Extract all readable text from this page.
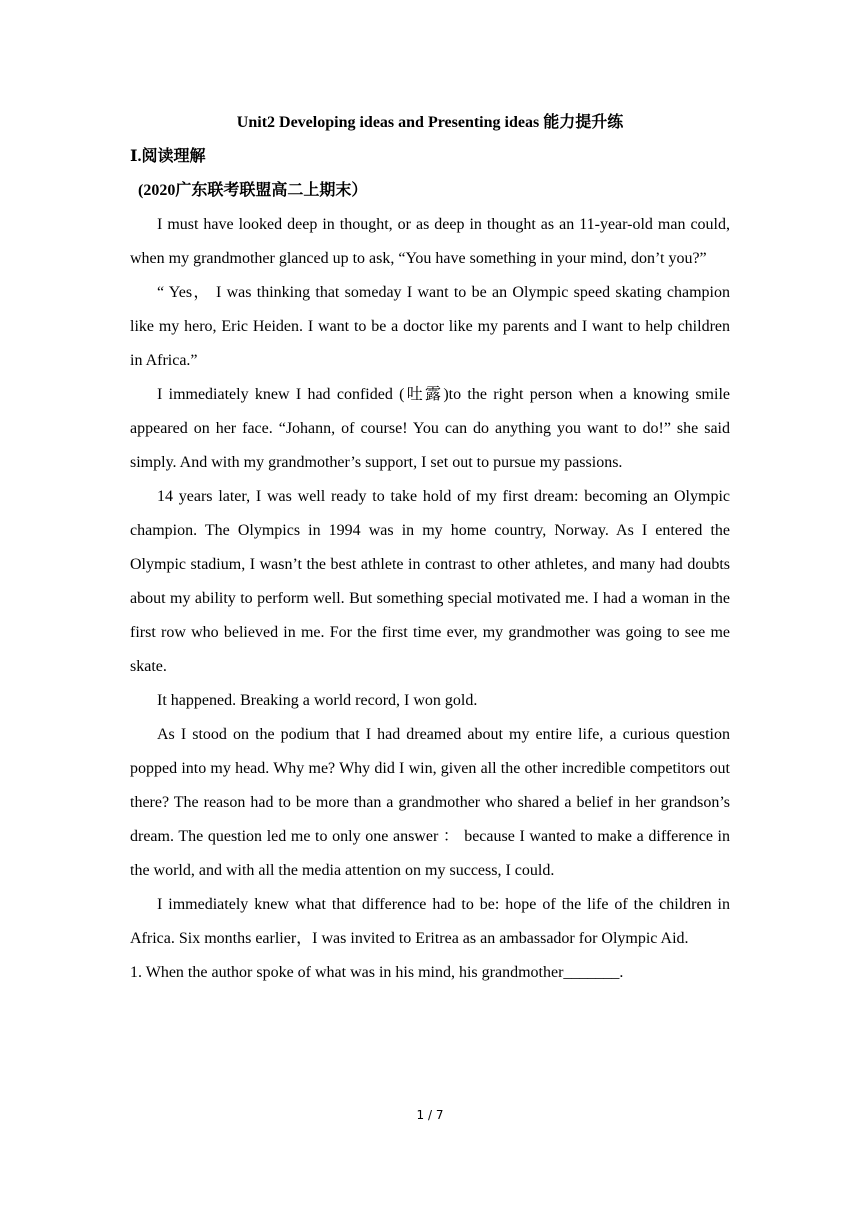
Unit2 Developing ideas and Presenting ideas 能力提升练

Ⅰ.阅读理解

(2020广东联考联盟高二上期末）

I must have looked deep in thought, or as deep in thought as an 11-year-old man could, when my grandmother glanced up to ask, “You have something in your mind, don’t you?”

“ Yes， I was thinking that someday I want to be an Olympic speed skating champion like my hero, Eric Heiden. I want to be a doctor like my parents and I want to help children in Africa.”

I immediately knew I had confided (吐露)to the right person when a knowing smile appeared on her face. “Johann, of course! You can do anything you want to do!” she said simply. And with my grandmother’s support, I set out to pursue my passions.

14 years later, I was well ready to take hold of my first dream: becoming an Olympic champion. The Olympics in 1994 was in my home country, Norway. As I entered the Olympic stadium, I wasn’t the best athlete in contrast to other athletes, and many had doubts about my ability to perform well. But something special motivated me. I had a woman in the first row who believed in me. For the first time ever, my grandmother was going to see me skate.

It happened. Breaking a world record, I won gold.

As I stood on the podium that I had dreamed about my entire life, a curious question popped into my head. Why me? Why did I win, given all the other incredible competitors out there? The reason had to be more than a grandmother who shared a belief in her grandson’s dream. The question led me to only one answer ： because I wanted to make a difference in the world, and with all the media attention on my success, I could.

I immediately knew what that difference had to be: hope of the life of the children in Africa. Six months earlier，I was invited to Eritrea as an ambassador for Olympic Aid.

1. When the author spoke of what was in his mind, his grandmother_______.

1 / 7
